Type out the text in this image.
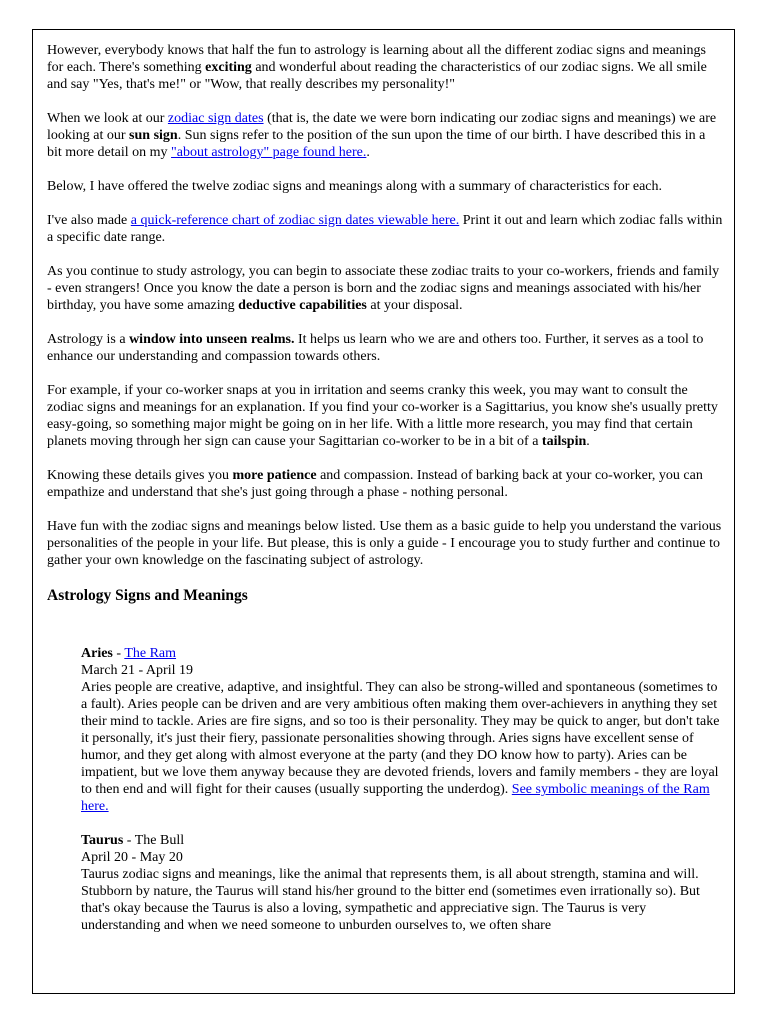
However, everybody knows that half the fun to astrology is learning about all the different zodiac signs and meanings for each. There's something exciting and wonderful about reading the characteristics of our zodiac signs. We all smile and say "Yes, that's me!" or "Wow, that really describes my personality!"

When we look at our zodiac sign dates (that is, the date we were born indicating our zodiac signs and meanings) we are looking at our sun sign. Sun signs refer to the position of the sun upon the time of our birth. I have described this in a bit more detail on my "about astrology" page found here..

Below, I have offered the twelve zodiac signs and meanings along with a summary of characteristics for each.

I've also made a quick-reference chart of zodiac sign dates viewable here. Print it out and learn which zodiac falls within a specific date range.

As you continue to study astrology, you can begin to associate these zodiac traits to your co-workers, friends and family - even strangers! Once you know the date a person is born and the zodiac signs and meanings associated with his/her birthday, you have some amazing deductive capabilities at your disposal.

Astrology is a window into unseen realms. It helps us learn who we are and others too. Further, it serves as a tool to enhance our understanding and compassion towards others.

For example, if your co-worker snaps at you in irritation and seems cranky this week, you may want to consult the zodiac signs and meanings for an explanation. If you find your co-worker is a Sagittarius, you know she's usually pretty easy-going, so something major might be going on in her life. With a little more research, you may find that certain planets moving through her sign can cause your Sagittarian co-worker to be in a bit of a tailspin.

Knowing these details gives you more patience and compassion. Instead of barking back at your co-worker, you can empathize and understand that she's just going through a phase - nothing personal.

Have fun with the zodiac signs and meanings below listed. Use them as a basic guide to help you understand the various personalities of the people in your life. But please, this is only a guide - I encourage you to study further and continue to gather your own knowledge on the fascinating subject of astrology.

Astrology Signs and Meanings
Aries - The Ram
March 21 - April 19
Aries people are creative, adaptive, and insightful. They can also be strong-willed and spontaneous (sometimes to a fault). Aries people can be driven and are very ambitious often making them over-achievers in anything they set their mind to tackle. Aries are fire signs, and so too is their personality. They may be quick to anger, but don't take it personally, it's just their fiery, passionate personalities showing through. Aries signs have excellent sense of humor, and they get along with almost everyone at the party (and they DO know how to party). Aries can be impatient, but we love them anyway because they are devoted friends, lovers and family members - they are loyal to then end and will fight for their causes (usually supporting the underdog). See symbolic meanings of the Ram here.
Taurus - The Bull
April 20 - May 20
Taurus zodiac signs and meanings, like the animal that represents them, is all about strength, stamina and will. Stubborn by nature, the Taurus will stand his/her ground to the bitter end (sometimes even irrationally so). But that's okay because the Taurus is also a loving, sympathetic and appreciative sign. The Taurus is very understanding and when we need someone to unburden ourselves to, we often share
